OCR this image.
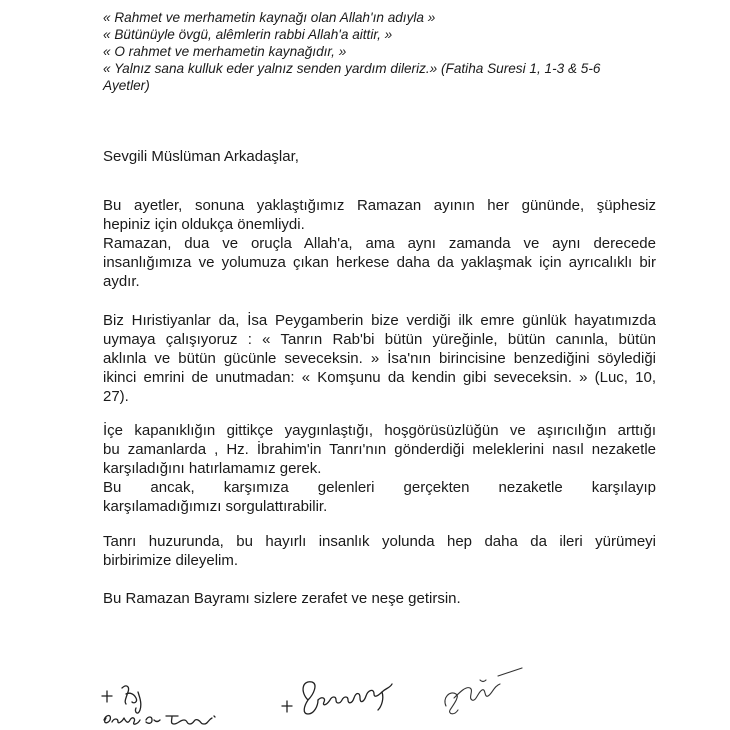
« Rahmet ve merhametin kaynağı olan Allah'ın adıyla »
« Bütünüyle övgü, alêmlerin rabbi Allah'a aittir, »
« O rahmet ve merhametin kaynağıdır, »
« Yalnız sana kulluk eder yalnız senden yardım dileriz.» (Fatiha Suresi 1, 1-3 & 5-6
Ayetler)
Sevgili Müslüman Arkadaşlar,
Bu ayetler, sonuna yaklaştığımız Ramazan ayının her gününde, şüphesiz
hepiniz için oldukça önemliydi.
Ramazan, dua ve oruçla Allah'a, ama aynı zamanda ve aynı derecede
insanlığımıza ve yolumuza çıkan herkese daha da yaklaşmak için ayrıcalıklı bir
aydır.
Biz Hıristiyanlar da, İsa Peygamberin bize verdiği ilk emre günlük hayatımızda
uymaya çalışıyoruz : « Tanrın Rab'bi bütün yüreğinle, bütün canınla, bütün
aklınla ve bütün gücünle seveceksin. » İsa'nın birincisine benzediğini söylediği
ikinci emrini de unutmadan: « Komşunu da kendin gibi seveceksin. » (Luc, 10,
27).
İçe kapanıklığın gittikçe yaygınlaştığı, hoşgörüsüzlüğün ve aşırıcılığın arttığı
bu zamanlarda , Hz. İbrahim'in Tanrı'nın gönderdiği meleklerini nasıl nezaketle
karşıladığını hatırlamamız gerek.
Bu ancak, karşımıza gelenleri gerçekten nezaketle karşılayıp
karşılamadığımızı sorgulattırabilir.
Tanrı huzurunda, bu hayırlı insanlık yolunda hep daha da ileri yürümeyi
birbirimize dileyelim.
Bu Ramazan Bayramı sizlere zerafet ve neşe getirsin.
